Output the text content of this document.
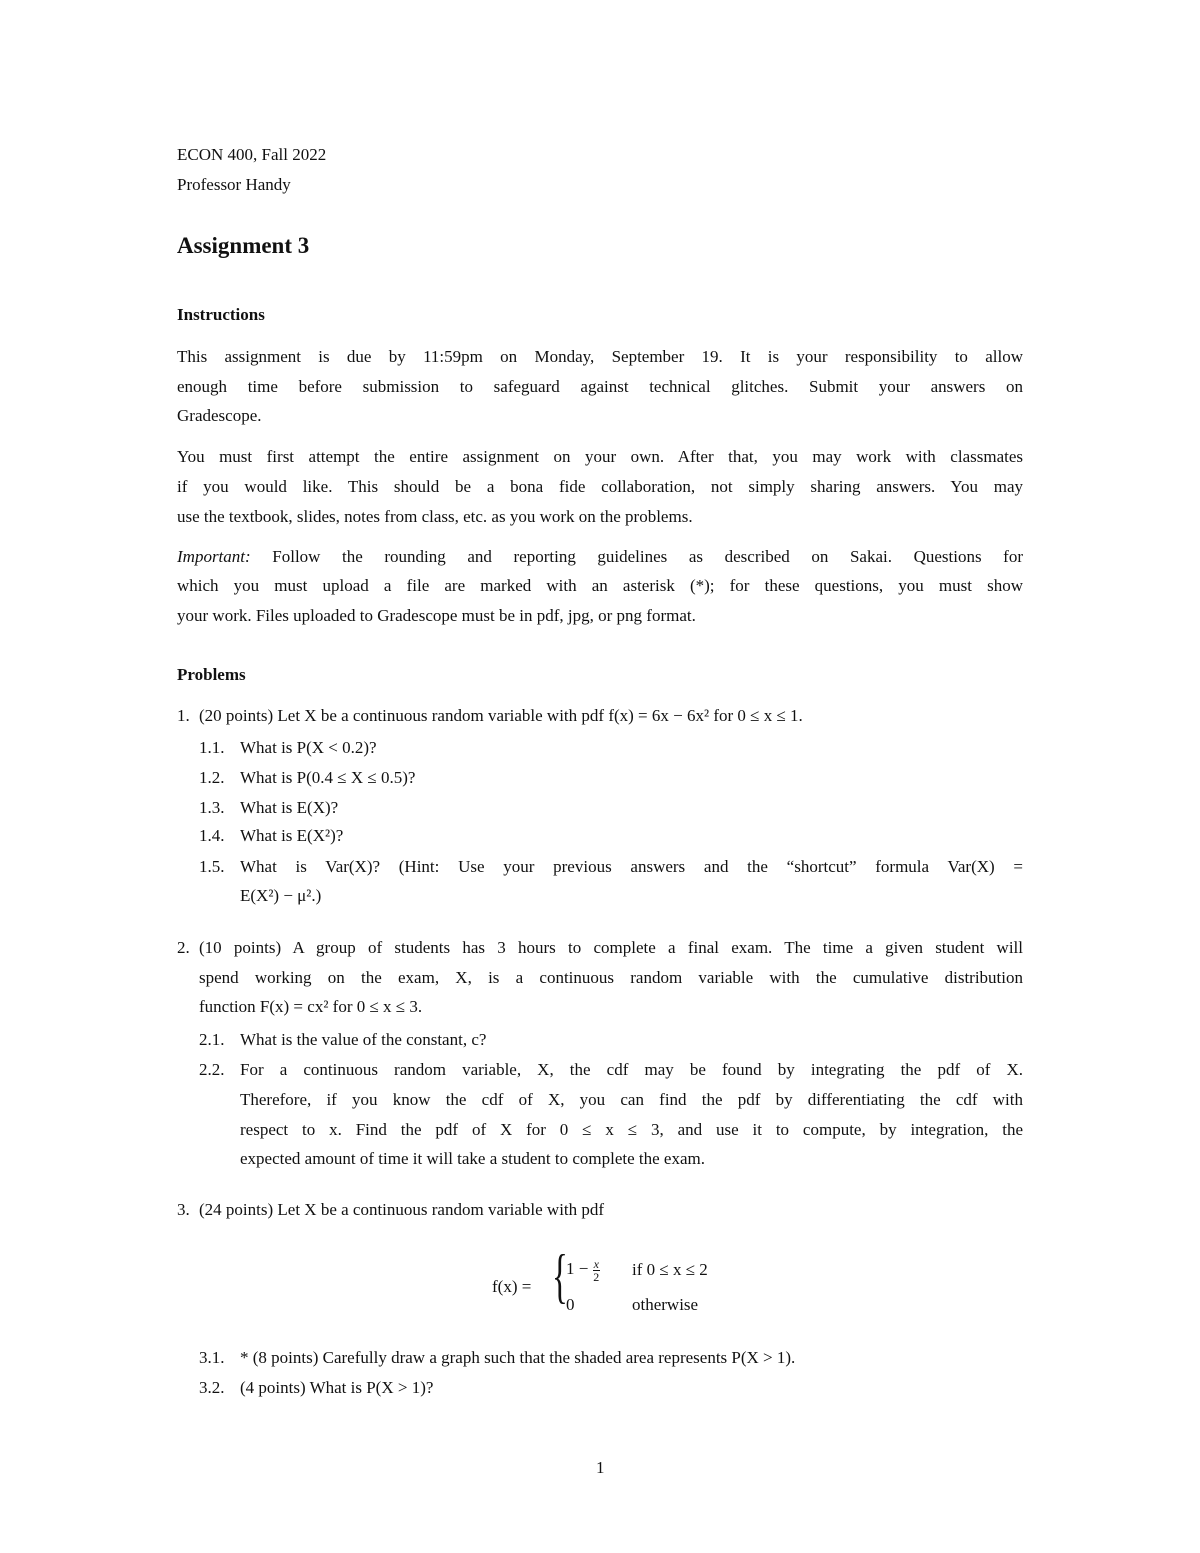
ECON 400, Fall 2022
Professor Handy
Assignment 3
Instructions
This assignment is due by 11:59pm on Monday, September 19. It is your responsibility to allow
enough time before submission to safeguard against technical glitches. Submit your answers on
Gradescope.
You must first attempt the entire assignment on your own. After that, you may work with classmates
if you would like. This should be a bona fide collaboration, not simply sharing answers. You may
use the textbook, slides, notes from class, etc. as you work on the problems.
Important: Follow the rounding and reporting guidelines as described on Sakai. Questions for
which you must upload a file are marked with an asterisk (*); for these questions, you must show
your work. Files uploaded to Gradescope must be in pdf, jpg, or png format.
Problems
1. (20 points) Let X be a continuous random variable with pdf f(x) = 6x − 6x² for 0 ≤ x ≤ 1.
1.1. What is P(X < 0.2)?
1.2. What is P(0.4 ≤ X ≤ 0.5)?
1.3. What is E(X)?
1.4. What is E(X²)?
1.5. What is Var(X)? (Hint: Use your previous answers and the “shortcut” formula Var(X) =
E(X²) − μ².)
2. (10 points) A group of students has 3 hours to complete a final exam. The time a given student will
spend working on the exam, X, is a continuous random variable with the cumulative distribution
function F(x) = cx² for 0 ≤ x ≤ 3.
2.1. What is the value of the constant, c?
2.2. For a continuous random variable, X, the cdf may be found by integrating the pdf of X.
Therefore, if you know the cdf of X, you can find the pdf by differentiating the cdf with
respect to x. Find the pdf of X for 0 ≤ x ≤ 3, and use it to compute, by integration, the
expected amount of time it will take a student to complete the exam.
3. (24 points) Let X be a continuous random variable with pdf
f(x) = {
$1 - \frac{x}{2}$ if 0 ≤ x ≤ 2
0	otherwise
3.1. * (8 points) Carefully draw a graph such that the shaded area represents P(X > 1).
3.2. (4 points) What is P(X > 1)?
1
